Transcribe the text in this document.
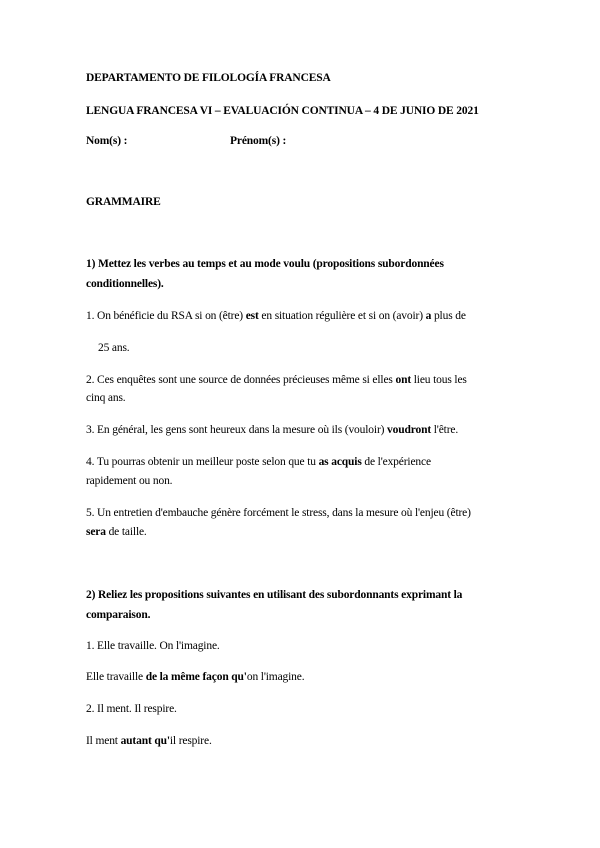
DEPARTAMENTO DE FILOLOGÍA FRANCESA
LENGUA FRANCESA VI – EVALUACIÓN CONTINUA – 4 DE JUNIO DE 2021
Nom(s) :	Prénom(s) :
GRAMMAIRE
1) Mettez les verbes au temps et au mode voulu (propositions subordonnées
conditionnelles).
1. On bénéficie du RSA si on (être) est en situation régulière et si on (avoir) a plus de
25 ans.
2. Ces enquêtes sont une source de données précieuses même si elles ont lieu tous les
cinq ans.
3. En général, les gens sont heureux dans la mesure où ils (vouloir) voudront l'être.
4. Tu pourras obtenir un meilleur poste selon que tu as acquis de l'expérience
rapidement ou non.
5. Un entretien d'embauche génère forcément le stress, dans la mesure où l'enjeu (être)
sera de taille.
2) Reliez les propositions suivantes en utilisant des subordonnants exprimant la
comparaison.
1. Elle travaille. On l'imagine.
Elle travaille de la même façon qu'on l'imagine.
2. Il ment. Il respire.
Il ment autant qu'il respire.
